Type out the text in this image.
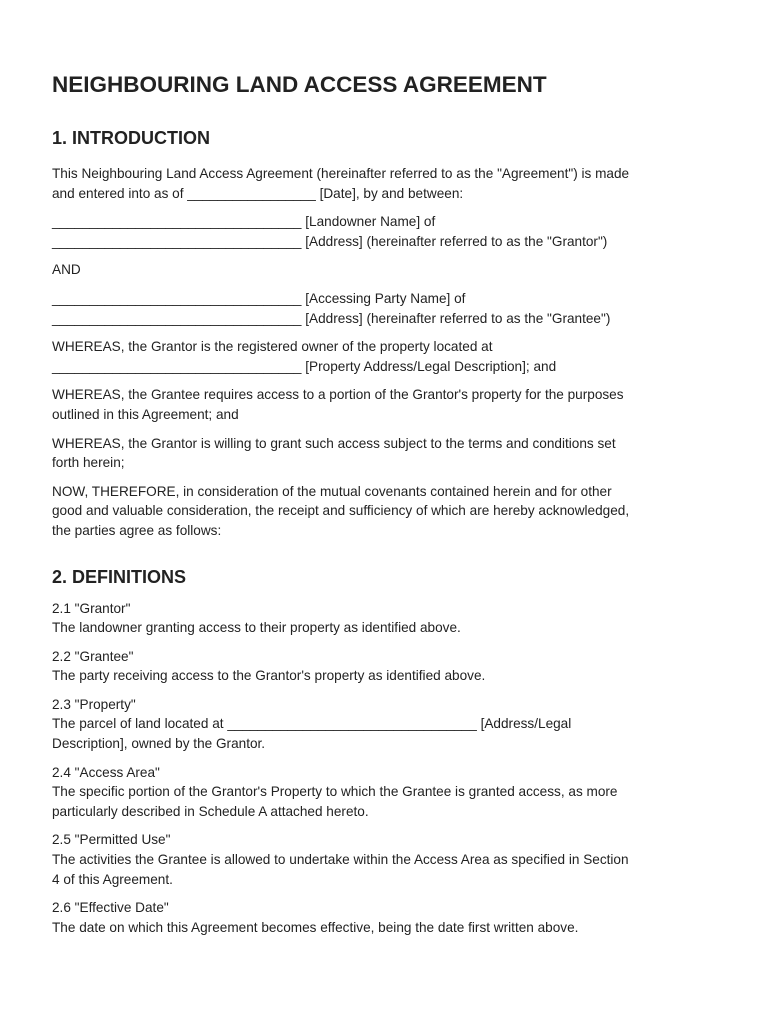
NEIGHBOURING LAND ACCESS AGREEMENT
1. INTRODUCTION
This Neighbouring Land Access Agreement (hereinafter referred to as the "Agreement") is made
and entered into as of _________________ [Date], by and between:
_________________________________ [Landowner Name] of
_________________________________ [Address] (hereinafter referred to as the "Grantor")
AND
_________________________________ [Accessing Party Name] of
_________________________________ [Address] (hereinafter referred to as the "Grantee")
WHEREAS, the Grantor is the registered owner of the property located at
_________________________________ [Property Address/Legal Description]; and
WHEREAS, the Grantee requires access to a portion of the Grantor's property for the purposes
outlined in this Agreement; and
WHEREAS, the Grantor is willing to grant such access subject to the terms and conditions set
forth herein;
NOW, THEREFORE, in consideration of the mutual covenants contained herein and for other
good and valuable consideration, the receipt and sufficiency of which are hereby acknowledged,
the parties agree as follows:
2. DEFINITIONS
2.1 "Grantor"
The landowner granting access to their property as identified above.
2.2 "Grantee"
The party receiving access to the Grantor's property as identified above.
2.3 "Property"
The parcel of land located at _________________________________ [Address/Legal
Description], owned by the Grantor.
2.4 "Access Area"
The specific portion of the Grantor's Property to which the Grantee is granted access, as more
particularly described in Schedule A attached hereto.
2.5 "Permitted Use"
The activities the Grantee is allowed to undertake within the Access Area as specified in Section
4 of this Agreement.
2.6 "Effective Date"
The date on which this Agreement becomes effective, being the date first written above.
